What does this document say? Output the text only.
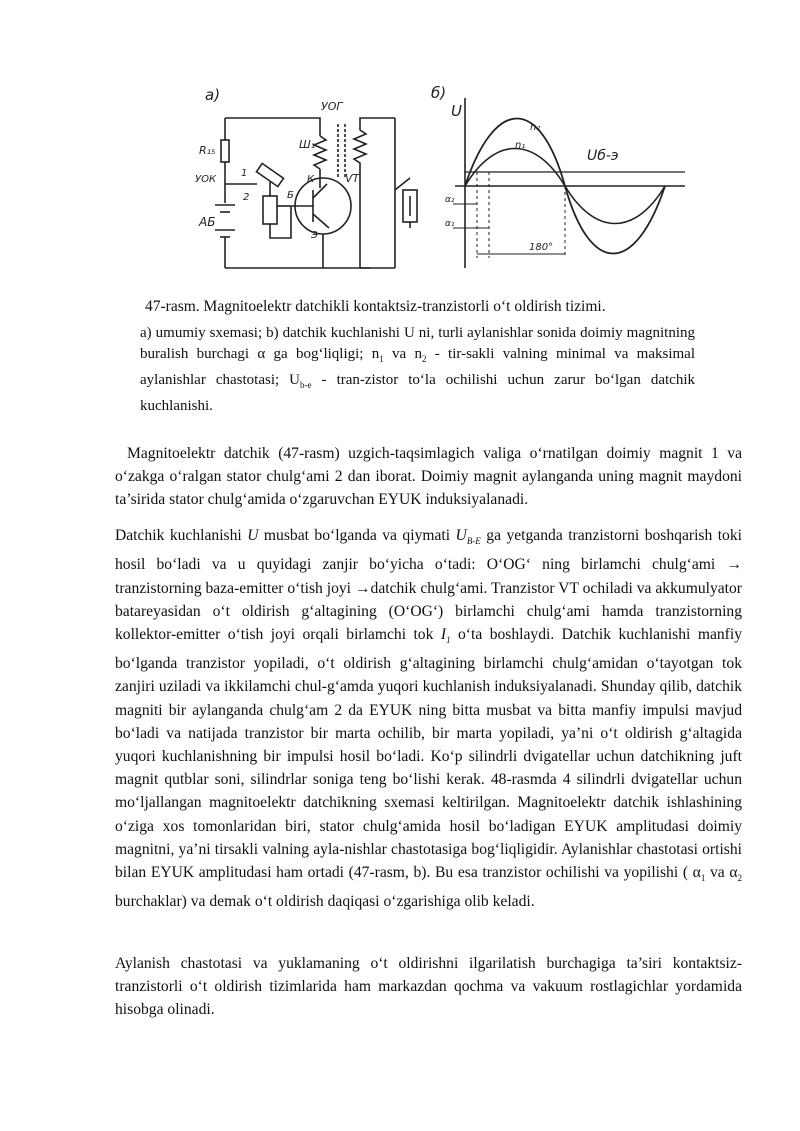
а)	б)
R₁₅
УОК
АБ
2
1
Ш₁
УОГ
VT
К
Б
Э
U
n₂
n₁
Uб-э
α₂
α₁
180°
47-rasm. Magnitoelektr datchikli kontaktsiz-tranzistorli o‘t oldirish tizimi.
a) umumiy sxemasi; b) datchik kuchlanishi U ni, turli aylanishlar sonida doimiy magnitning buralish burchagi α ga bog‘liqligi; $n_1$ va $n_2$ - tir-sakli valning minimal va maksimal aylanishlar chastotasi; $U_{b-e}$ - tran-zistor to‘la ochilishi uchun zarur bo‘lgan datchik kuchlanishi.
Magnitoelektr datchik (47-rasm) uzgich-taqsimlagich valiga o‘rnatilgan doimiy magnit 1 va o‘zakga o‘ralgan stator chulg‘ami 2 dan iborat. Doimiy magnit aylanganda uning magnit maydoni ta’sirida stator chulg‘amida o‘zgaruvchan EYUK induksiyalanadi.
Datchik kuchlanishi U musbat bo‘lganda va qiymati $U_{B-E}$ ga yetganda tranzistorni boshqarish toki hosil bo‘ladi va u quyidagi zanjir bo‘yicha o‘tadi: O‘OG‘ ning birlamchi chulg‘ami → tranzistorning baza-emitter o‘tish joyi →datchik chulg‘ami. Tranzistor VT ochiladi va akkumulyator batareyasidan o‘t oldirish g‘altagining (O‘OG‘) birlamchi chulg‘ami hamda tranzistorning kollektor-emitter o‘tish joyi orqali birlamchi tok $I_1$ o‘ta boshlaydi. Datchik kuchlanishi manfiy bo‘lganda tranzistor yopiladi, o‘t oldirish g‘altagining birlamchi chulg‘amidan o‘tayotgan tok zanjiri uziladi va ikkilamchi chul-g‘amda yuqori kuchlanish induksiyalanadi. Shunday qilib, datchik magniti bir aylanganda chulg‘am 2 da EYUK ning bitta musbat va bitta manfiy impulsi mavjud bo‘ladi va natijada tranzistor bir marta ochilib, bir marta yopiladi, ya’ni o‘t oldirish g‘altagida yuqori kuchlanishning bir impulsi hosil bo‘ladi. Ko‘p silindrli dvigatellar uchun datchikning juft magnit qutblar soni, silindrlar soniga teng bo‘lishi kerak. 48-rasmda 4 silindrli dvigatellar uchun mo‘ljallangan magnitoelektr datchikning sxemasi keltirilgan. Magnitoelektr datchik ishlashining o‘ziga xos tomonlaridan biri, stator chulg‘amida hosil bo‘ladigan EYUK amplitudasi doimiy magnitni, ya’ni tirsakli valning ayla-nishlar chastotasiga bog‘liqligidir. Aylanishlar chastotasi ortishi bilan EYUK amplitudasi ham ortadi (47-rasm, b). Bu esa tranzistor ochilishi va yopilishi ( $\alpha_1$ va $\alpha_2$ burchaklar) va demak o‘t oldirish daqiqasi o‘zgarishiga olib keladi.
Aylanish chastotasi va yuklamaning o‘t oldirishni ilgarilatish burchagiga ta’siri kontaktsiz-tranzistorli o‘t oldirish tizimlarida ham markazdan qochma va vakuum rostlagichlar yordamida hisobga olinadi.
